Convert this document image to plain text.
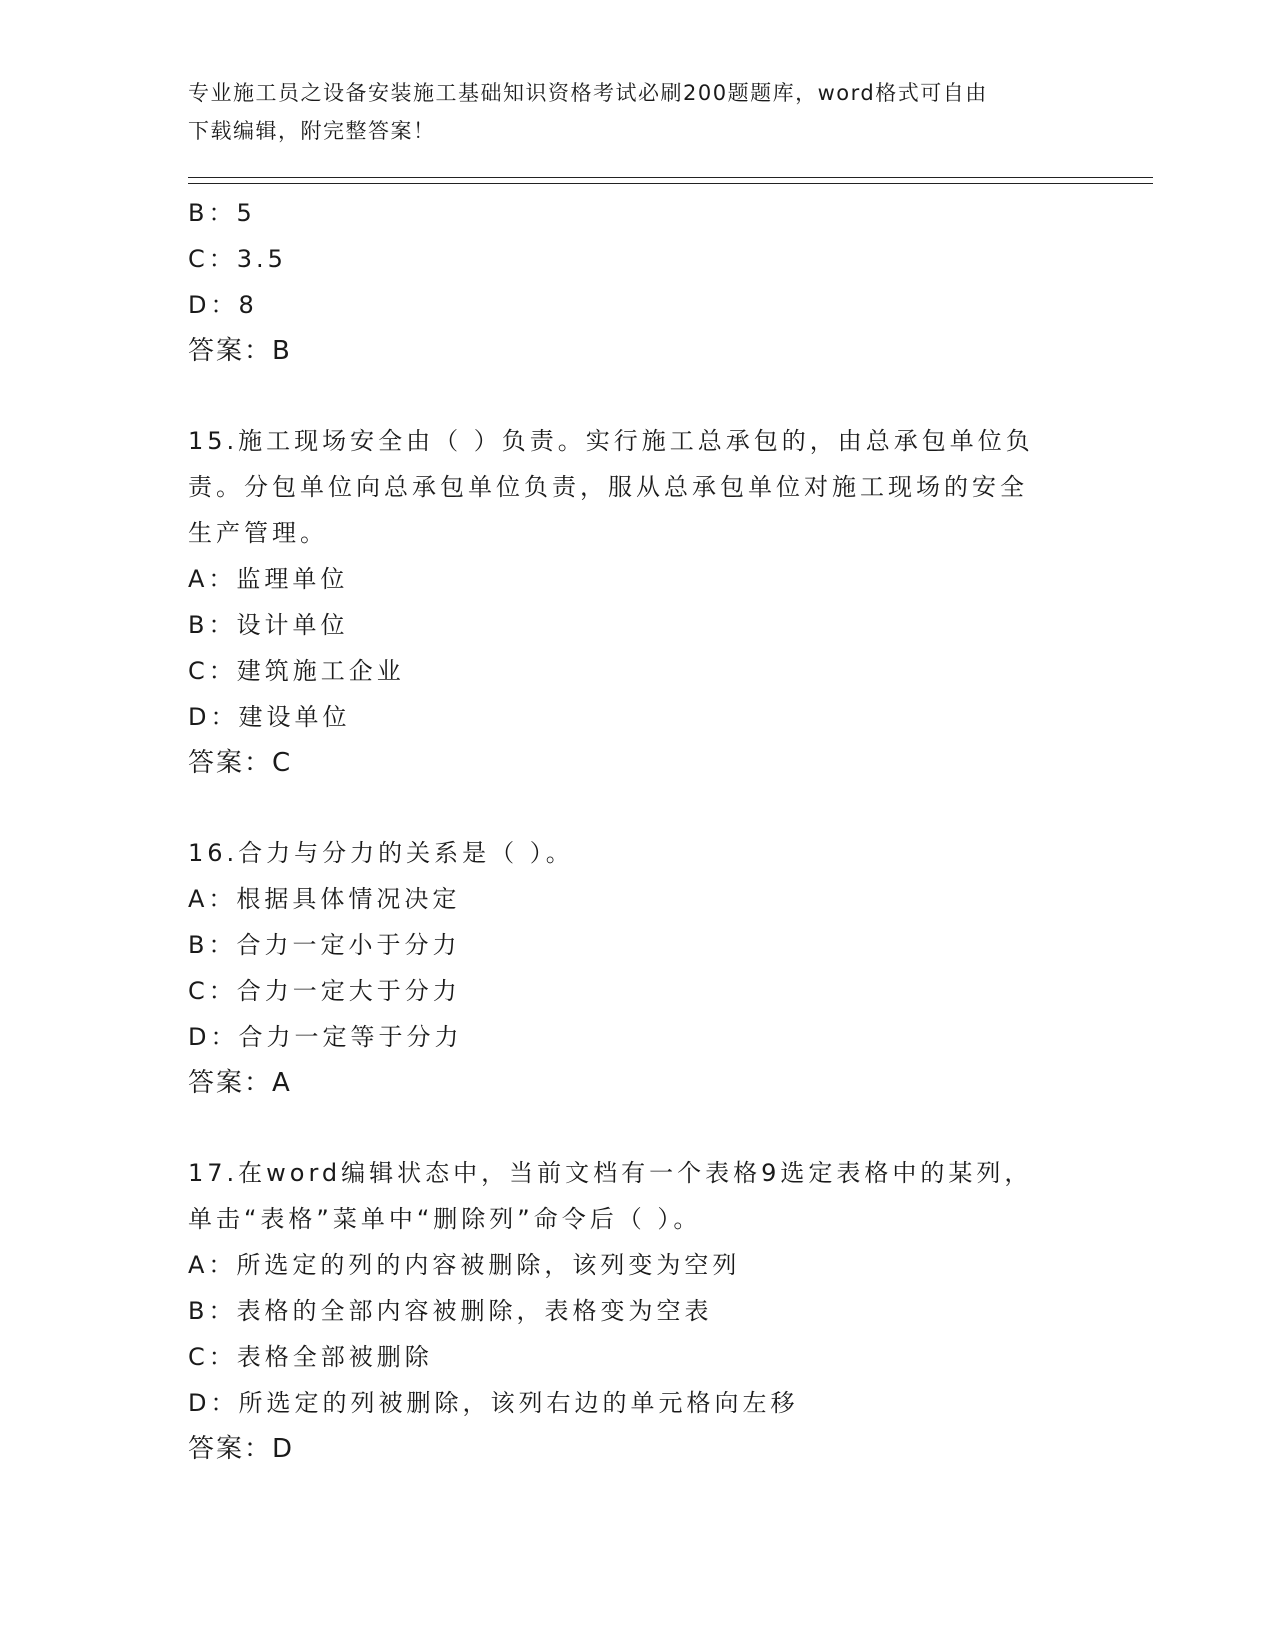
专业施工员之设备安装施工基础知识资格考试必刷200题题库，word格式可自由
下载编辑，附完整答案！
B：5
C：3.5
D：8
答案：B
15.施工现场安全由（ ）负责。实行施工总承包的，由总承包单位负
责。分包单位向总承包单位负责，服从总承包单位对施工现场的安全
生产管理。
A：监理单位
B：设计单位
C：建筑施工企业
D：建设单位
答案：C
16.合力与分力的关系是（ ）。
A：根据具体情况决定
B：合力一定小于分力
C：合力一定大于分力
D：合力一定等于分力
答案：A
17.在word编辑状态中，当前文档有一个表格9选定表格中的某列，
单击“表格”菜单中“删除列”命令后（ ）。
A：所选定的列的内容被删除，该列变为空列
B：表格的全部内容被删除，表格变为空表
C：表格全部被删除
D：所选定的列被删除，该列右边的单元格向左移
答案：D
